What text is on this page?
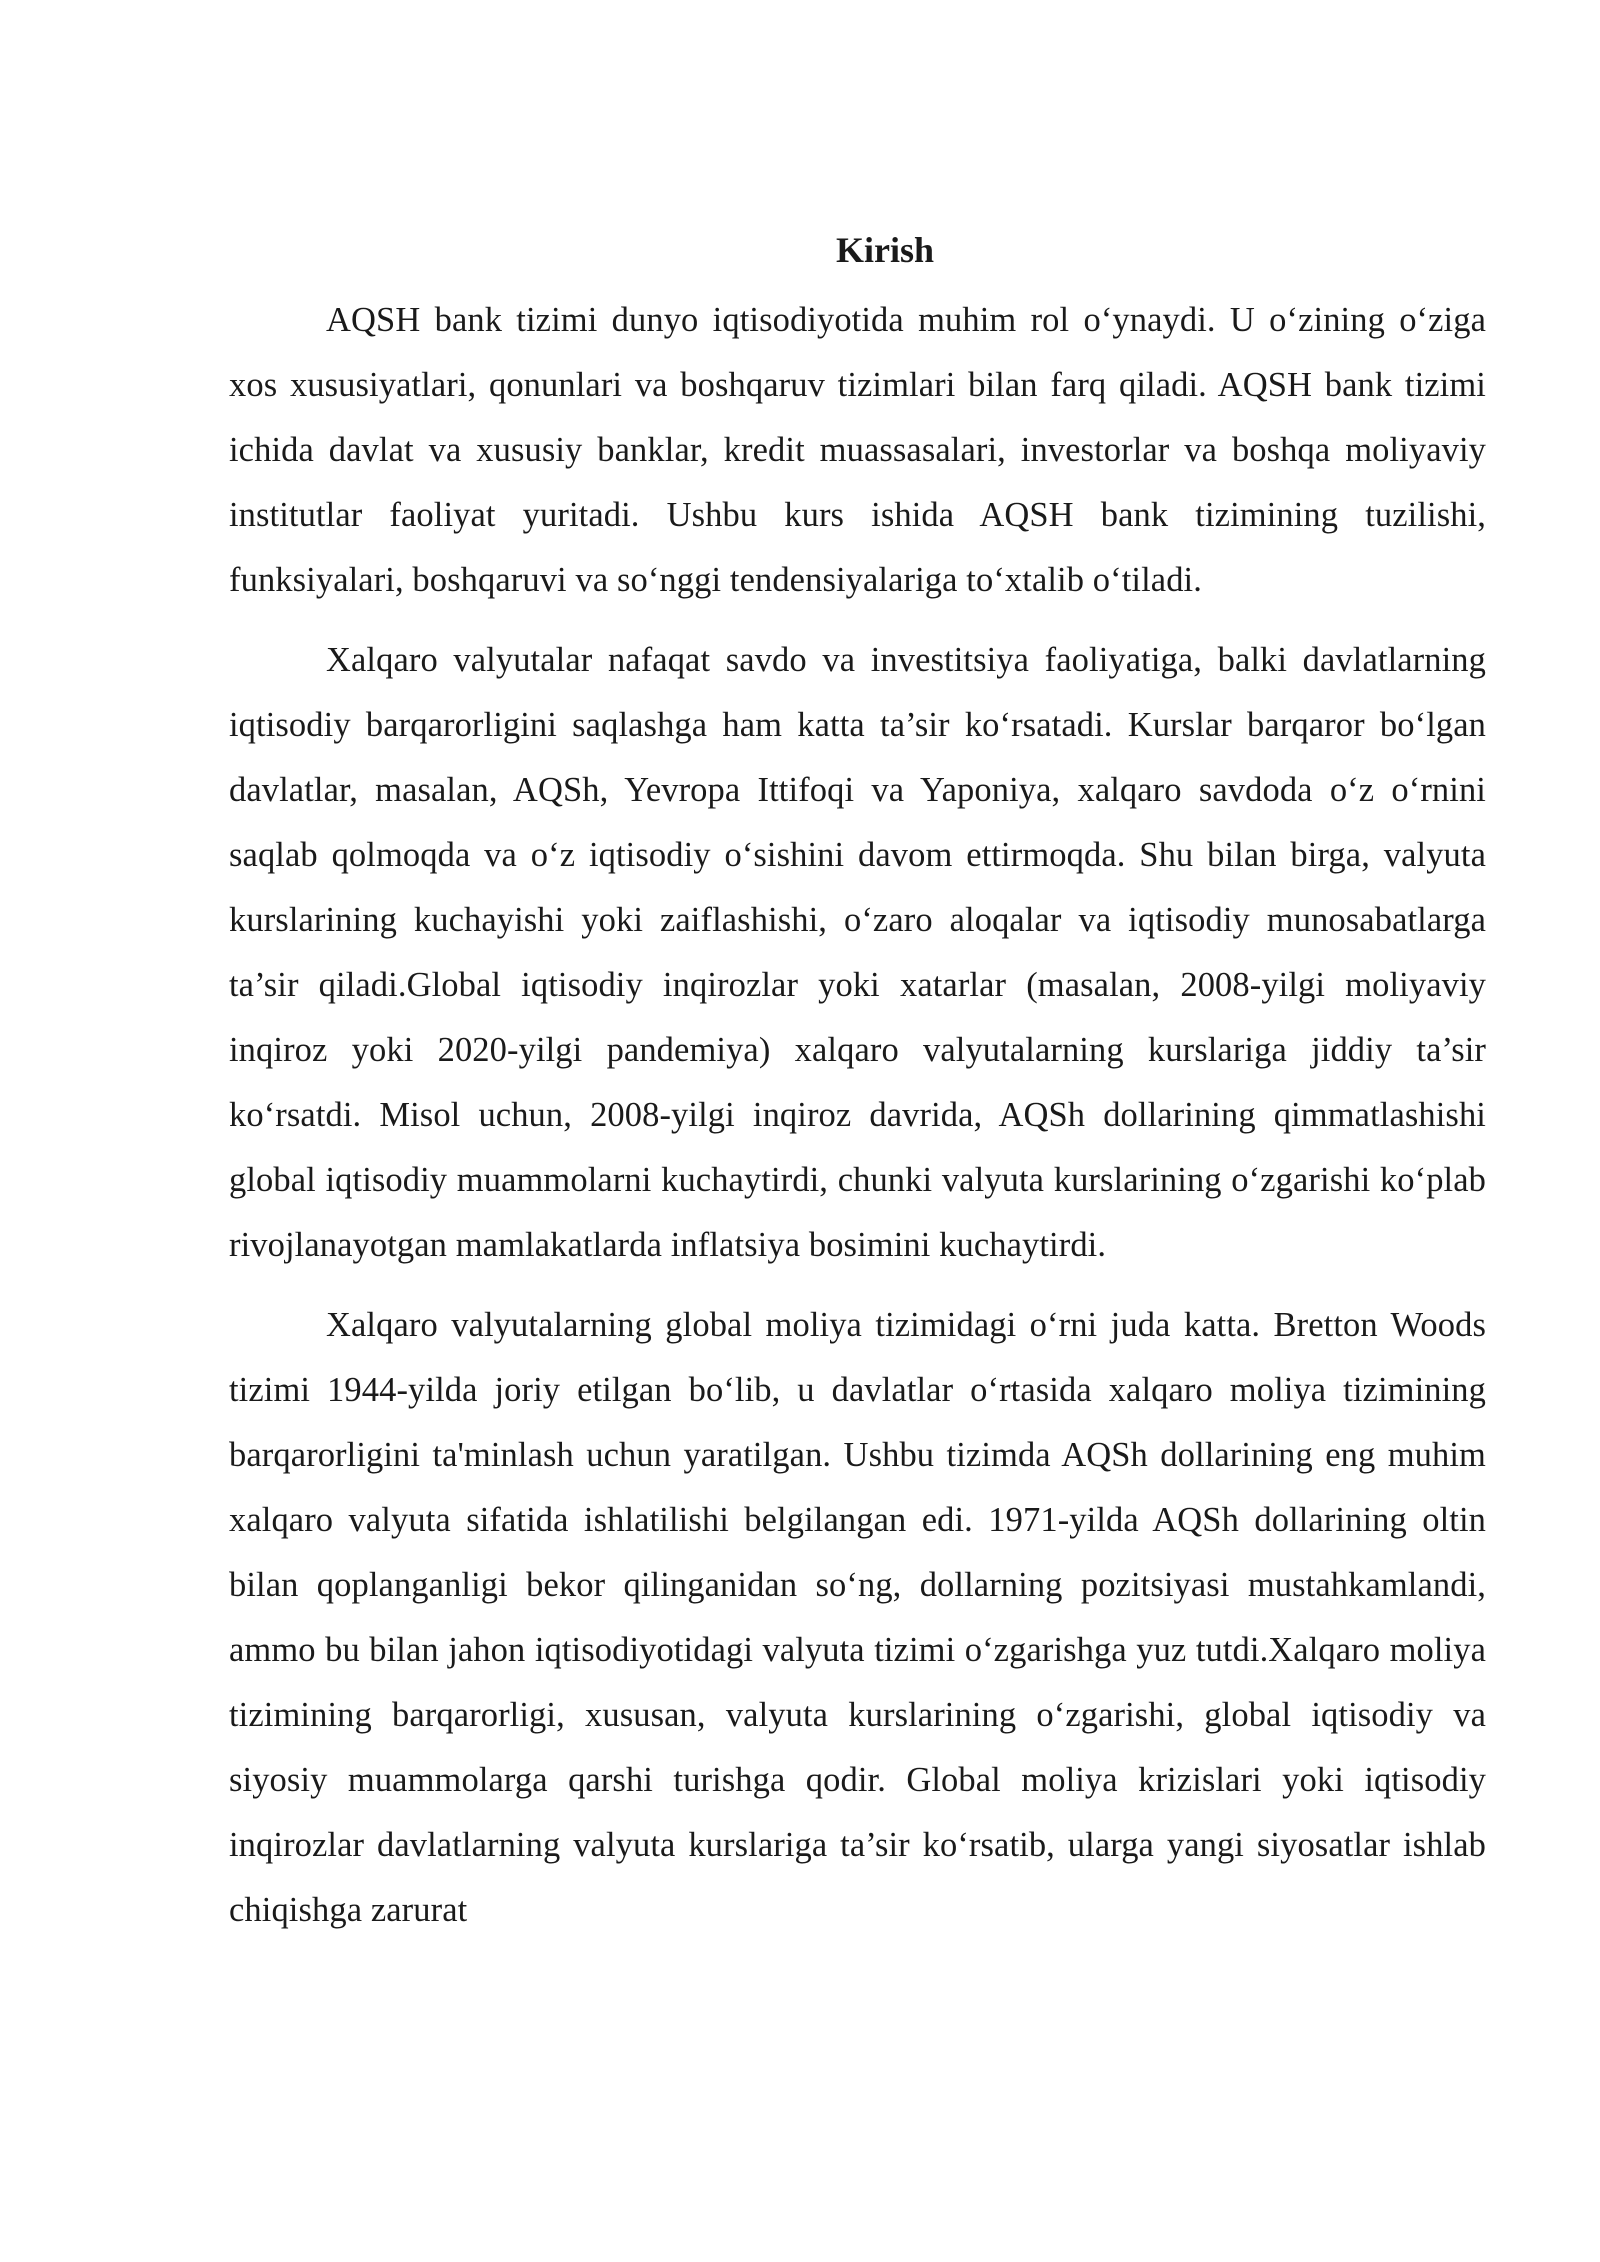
Kirish

AQSH bank tizimi dunyo iqtisodiyotida muhim rol o‘ynaydi. U o‘zining o‘ziga xos xususiyatlari, qonunlari va boshqaruv tizimlari bilan farq qiladi. AQSH bank tizimi ichida davlat va xususiy banklar, kredit muassasalari, investorlar va boshqa moliyaviy institutlar faoliyat yuritadi. Ushbu kurs ishida AQSH bank tizimining tuzilishi, funksiyalari, boshqaruvi va so‘nggi tendensiyalariga to‘xtalib o‘tiladi.

Xalqaro valyutalar nafaqat savdo va investitsiya faoliyatiga, balki davlatlarning iqtisodiy barqarorligini saqlashga ham katta ta’sir ko‘rsatadi. Kurslar barqaror bo‘lgan davlatlar, masalan, AQSh, Yevropa Ittifoqi va Yaponiya, xalqaro savdoda o‘z o‘rnini saqlab qolmoqda va o‘z iqtisodiy o‘sishini davom ettirmoqda. Shu bilan birga, valyuta kurslarining kuchayishi yoki zaiflashishi, o‘zaro aloqalar va iqtisodiy munosabatlarga ta’sir qiladi.Global iqtisodiy inqirozlar yoki xatarlar (masalan, 2008-yilgi moliyaviy inqiroz yoki 2020-yilgi pandemiya) xalqaro valyutalarning kurslariga jiddiy ta’sir ko‘rsatdi. Misol uchun, 2008-yilgi inqiroz davrida, AQSh dollarining qimmatlashishi global iqtisodiy muammolarni kuchaytirdi, chunki valyuta kurslarining o‘zgarishi ko‘plab rivojlanayotgan mamlakatlarda inflatsiya bosimini kuchaytirdi.

Xalqaro valyutalarning global moliya tizimidagi o‘rni juda katta. Bretton Woods tizimi 1944-yilda joriy etilgan bo‘lib, u davlatlar o‘rtasida xalqaro moliya tizimining barqarorligini ta'minlash uchun yaratilgan. Ushbu tizimda AQSh dollarining eng muhim xalqaro valyuta sifatida ishlatilishi belgilangan edi. 1971-yilda AQSh dollarining oltin bilan qoplanganligi bekor qilinganidan so‘ng, dollarning pozitsiyasi mustahkamlandi, ammo bu bilan jahon iqtisodiyotidagi valyuta tizimi o‘zgarishga yuz tutdi.Xalqaro moliya tizimining barqarorligi, xususan, valyuta kurslarining o‘zgarishi, global iqtisodiy va siyosiy muammolarga qarshi turishga qodir. Global moliya krizislari yoki iqtisodiy inqirozlar davlatlarning valyuta kurslariga ta’sir ko‘rsatib, ularga yangi siyosatlar ishlab chiqishga zarurat
